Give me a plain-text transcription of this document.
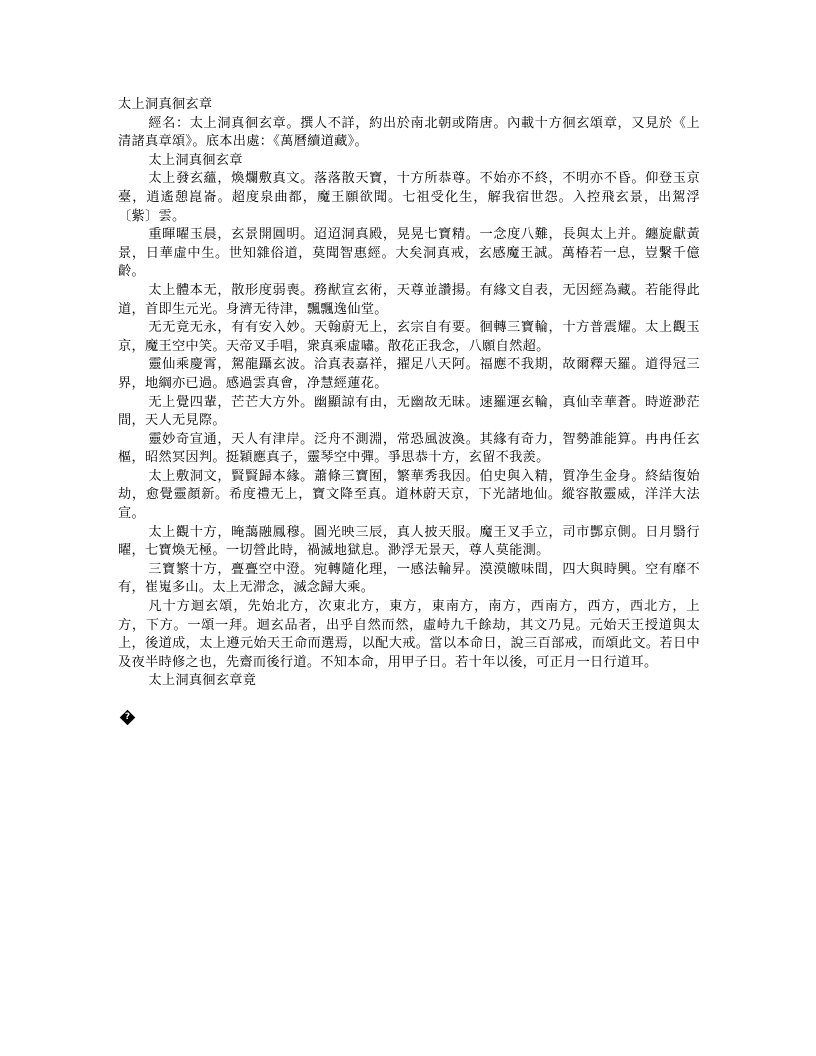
太上洞真徊玄章

經名：太上洞真徊玄章。撰人不詳，約出於南北朝或隋唐。內載十方徊玄頌章，又見於《上清諸真章頌》。底本出處：《萬曆續道藏》。

太上洞真徊玄章

太上發玄蘊，煥爛敷真文。落落散天寶，十方所恭尊。不始亦不終，不明亦不昏。仰登玉京臺，逍遙憩崑崙。超度泉曲都，魔王願欲聞。七祖受化生，解我宿世怨。入控飛玄景，出駕浮〔紫〕雲。

重暉曜玉晨，玄景開圓明。迢迢洞真殿，晃晃七寶精。一念度八難，長與太上并。纏旋獻黃景，日華虛中生。世知雜俗道，莫聞智惠經。大矣洞真戒，玄感魔王誠。萬椿若一息，豈繫千億齡。

太上體本无，散形度弱喪。務猷宣玄術，天尊並讚揚。有緣文自表，无因經為藏。若能得此道，首即生元光。身濟无待津，飄飄逸仙堂。

无无竟无永，有有安入妙。天翰蔚无上，玄宗自有要。徊轉三寶輪，十方普震耀。太上觀玉京，魔王空中笑。天帝叉手唱，衆真乘虛嘯。散花正我念，八願自然超。

靈仙乘慶霄，駕龍躡玄波。洽真表嘉祥，擢足八天阿。福應不我期，故爾釋天羅。道得冠三界，地綱亦已過。感過雲真會，净慧經蓮花。

无上覺四輩，芒芒大方外。幽顯諒有由，无幽故无昧。速羅運玄輪，真仙幸華蒼。時遊渺茫間，天人无見際。

靈妙奇宣通，天人有津岸。泛舟不測淵，常恐風波渙。其緣有奇力，智勢誰能算。冉冉任玄樞，昭然冥因判。挺穎應真子，靈琴空中彈。爭思恭十方，玄留不我羨。

太上敷洞文，賢賢歸本緣。蕭條三寶囿，繁華秀我因。伯史與入精，質净生金身。終結復始劫，愈覺靈顏新。希度禮无上，寶文降至真。道林蔚天京，下光諸地仙。縱容散靈威，洋洋大法宣。

太上觀十方，晻藹融鳳穆。圓光映三辰，真人披天服。魔王叉手立，司市酆京側。日月翳行曜，七寶煥无極。一切營此時，禍滅地獄息。渺浮无景天，尊人莫能測。

三寶繁十方，亹亹空中澄。宛轉隨化理，一感法輪昇。漠漠皦味間，四大與時興。空有靡不有，崔嵬多山。太上无滞念，滅念歸大乘。

凡十方迴玄頌，先始北方，次東北方，東方，東南方，南方，西南方，西方，西北方，上方，下方。一頌一拜。迴玄品者，出乎自然而然，虛峙九千餘劫，其文乃見。元始天王授道與太上，後道成，太上遵元始天王命而選焉，以配大戒。當以本命日，說三百部戒，而頌此文。若日中及夜半時修之也，先齋而後行道。不知本命，用甲子日。若十年以後，可正月一日行道耳。

太上洞真徊玄章竟

?
